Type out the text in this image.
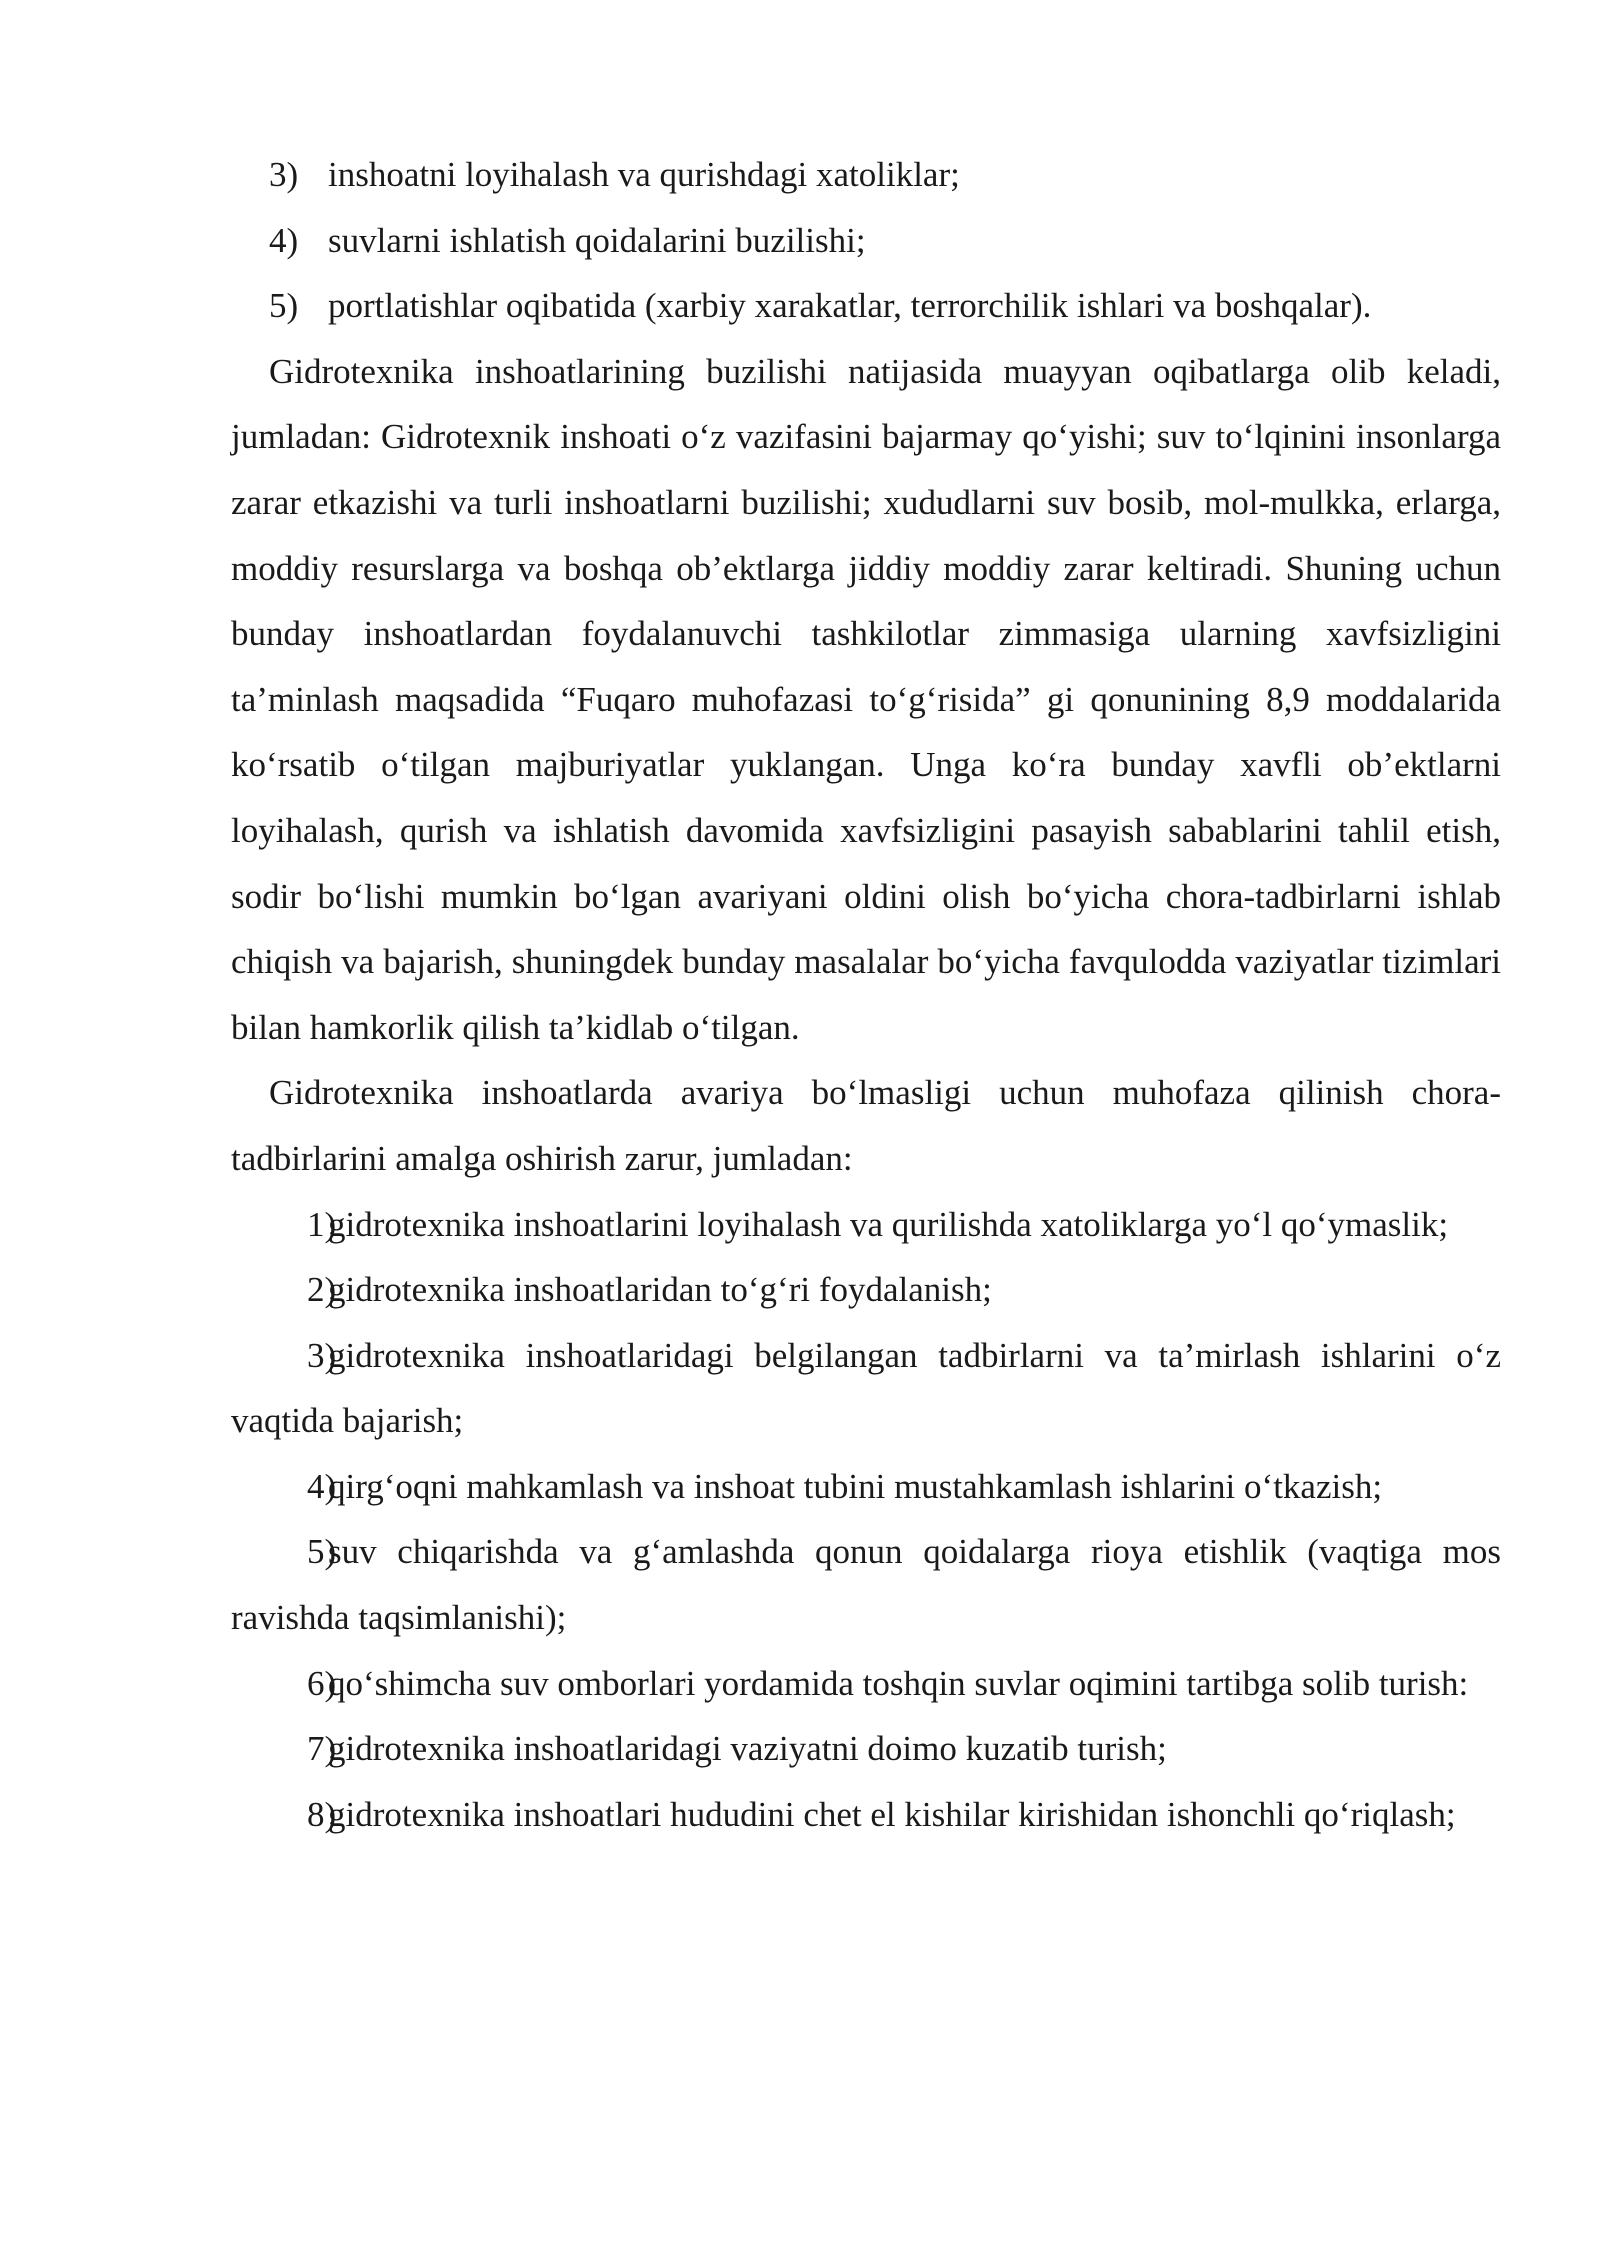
3) inshoatni loyihalash va qurishdagi xatoliklar;

4) suvlarni ishlatish qoidalarini buzilishi;

5) portlatishlar oqibatida (xarbiy xarakatlar, terrorchilik ishlari va boshqalar).

Gidrotexnika inshoatlarining buzilishi natijasida muayyan oqibatlarga olib keladi, jumladan: Gidrotexnik inshoati o‘z vazifasini bajarmay qo‘yishi; suv to‘lqinini insonlarga zarar etkazishi va turli inshoatlarni buzilishi; xududlarni suv bosib, mol-mulkka, erlarga, moddiy resurslarga va boshqa ob’ektlarga jiddiy moddiy zarar keltiradi. Shuning uchun bunday inshoatlardan foydalanuvchi tashkilotlar zimmasiga ularning xavfsizligini ta’minlash maqsadida “Fuqaro muhofazasi to‘g‘risida” gi qonunining 8,9 moddalarida ko‘rsatib o‘tilgan majburiyatlar yuklangan. Unga ko‘ra bunday xavfli ob’ektlarni loyihalash, qurish va ishlatish davomida xavfsizligini pasayish sabablarini tahlil etish, sodir bo‘lishi mumkin bo‘lgan avariyani oldini olish bo‘yicha chora-tadbirlarni ishlab chiqish va bajarish, shuningdek bunday masalalar bo‘yicha favqulodda vaziyatlar tizimlari bilan hamkorlik qilish ta’kidlab o‘tilgan.

Gidrotexnika inshoatlarda avariya bo‘lmasligi uchun muhofaza qilinish chora-tadbirlarini amalga oshirish zarur, jumladan:

1)gidrotexnika inshoatlarini loyihalash va qurilishda xatoliklarga yo‘l qo‘ymaslik;

2)gidrotexnika inshoatlaridan to‘g‘ri foydalanish;

3)gidrotexnika inshoatlaridagi belgilangan tadbirlarni va ta’mirlash ishlarini o‘z vaqtida bajarish;

4)qirg‘oqni mahkamlash va inshoat tubini mustahkamlash ishlarini o‘tkazish;

5)suv chiqarishda va g‘amlashda qonun qoidalarga rioya etishlik (vaqtiga mos ravishda taqsimlanishi);

6)qo‘shimcha suv omborlari yordamida toshqin suvlar oqimini tartibga solib turish:

7)gidrotexnika inshoatlaridagi vaziyatni doimo kuzatib turish;

8)gidrotexnika inshoatlari hududini chet el kishilar kirishidan ishonchli qo‘riqlash;
